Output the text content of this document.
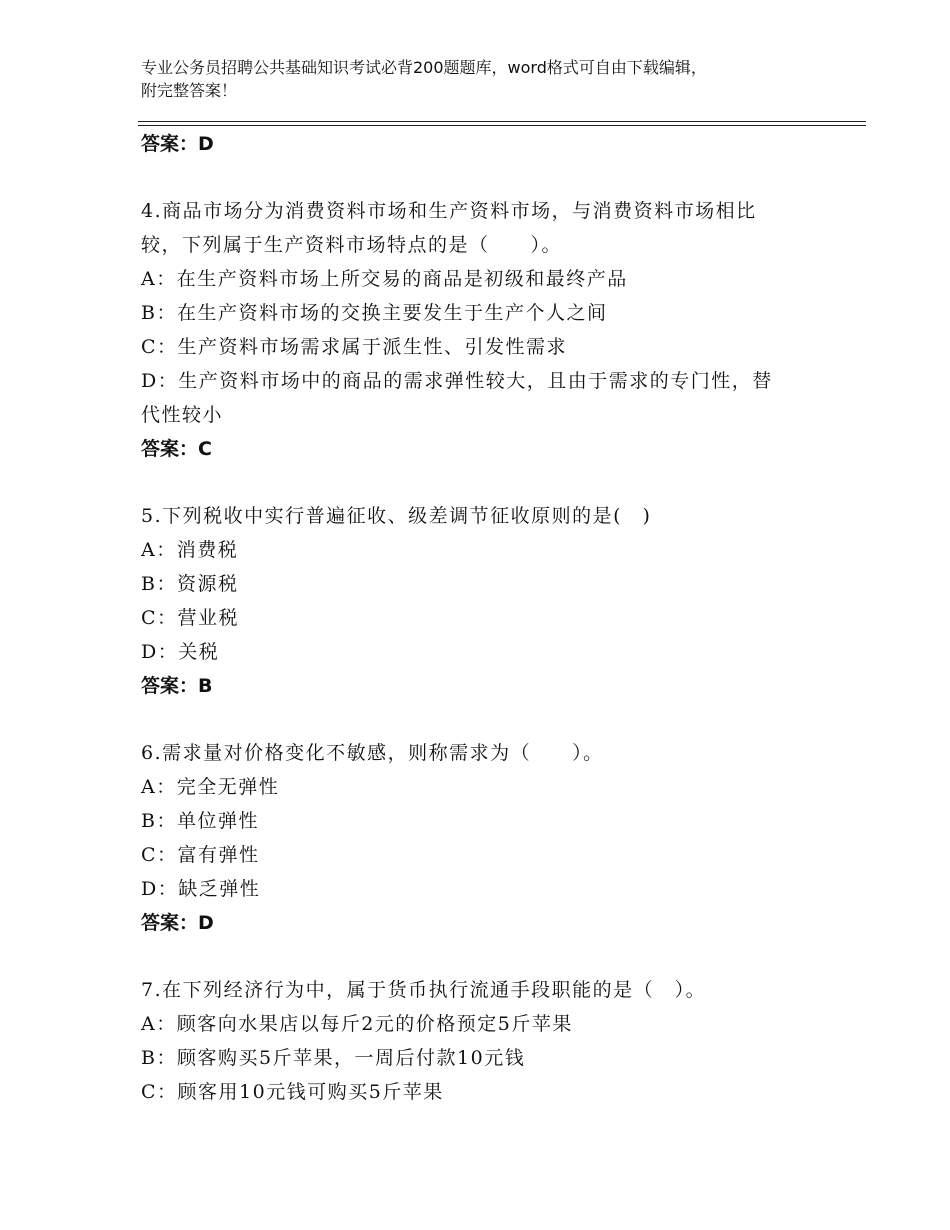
专业公务员招聘公共基础知识考试必背200题题库，word格式可自由下载编辑，
附完整答案！
答案：D
4.商品市场分为消费资料市场和生产资料市场，与消费资料市场相比
较，下列属于生产资料市场特点的是（　　）。
A：在生产资料市场上所交易的商品是初级和最终产品
B：在生产资料市场的交换主要发生于生产个人之间
C：生产资料市场需求属于派生性、引发性需求
D：生产资料市场中的商品的需求弹性较大，且由于需求的专门性，替
代性较小
答案：C
5.下列税收中实行普遍征收、级差调节征收原则的是(　)
A：消费税
B：资源税
C：营业税
D：关税
答案：B
6.需求量对价格变化不敏感，则称需求为（　　）。
A：完全无弹性
B：单位弹性
C：富有弹性
D：缺乏弹性
答案：D
7.在下列经济行为中，属于货币执行流通手段职能的是（　）。
A：顾客向水果店以每斤2元的价格预定5斤苹果
B：顾客购买5斤苹果，一周后付款10元钱
C：顾客用10元钱可购买5斤苹果
